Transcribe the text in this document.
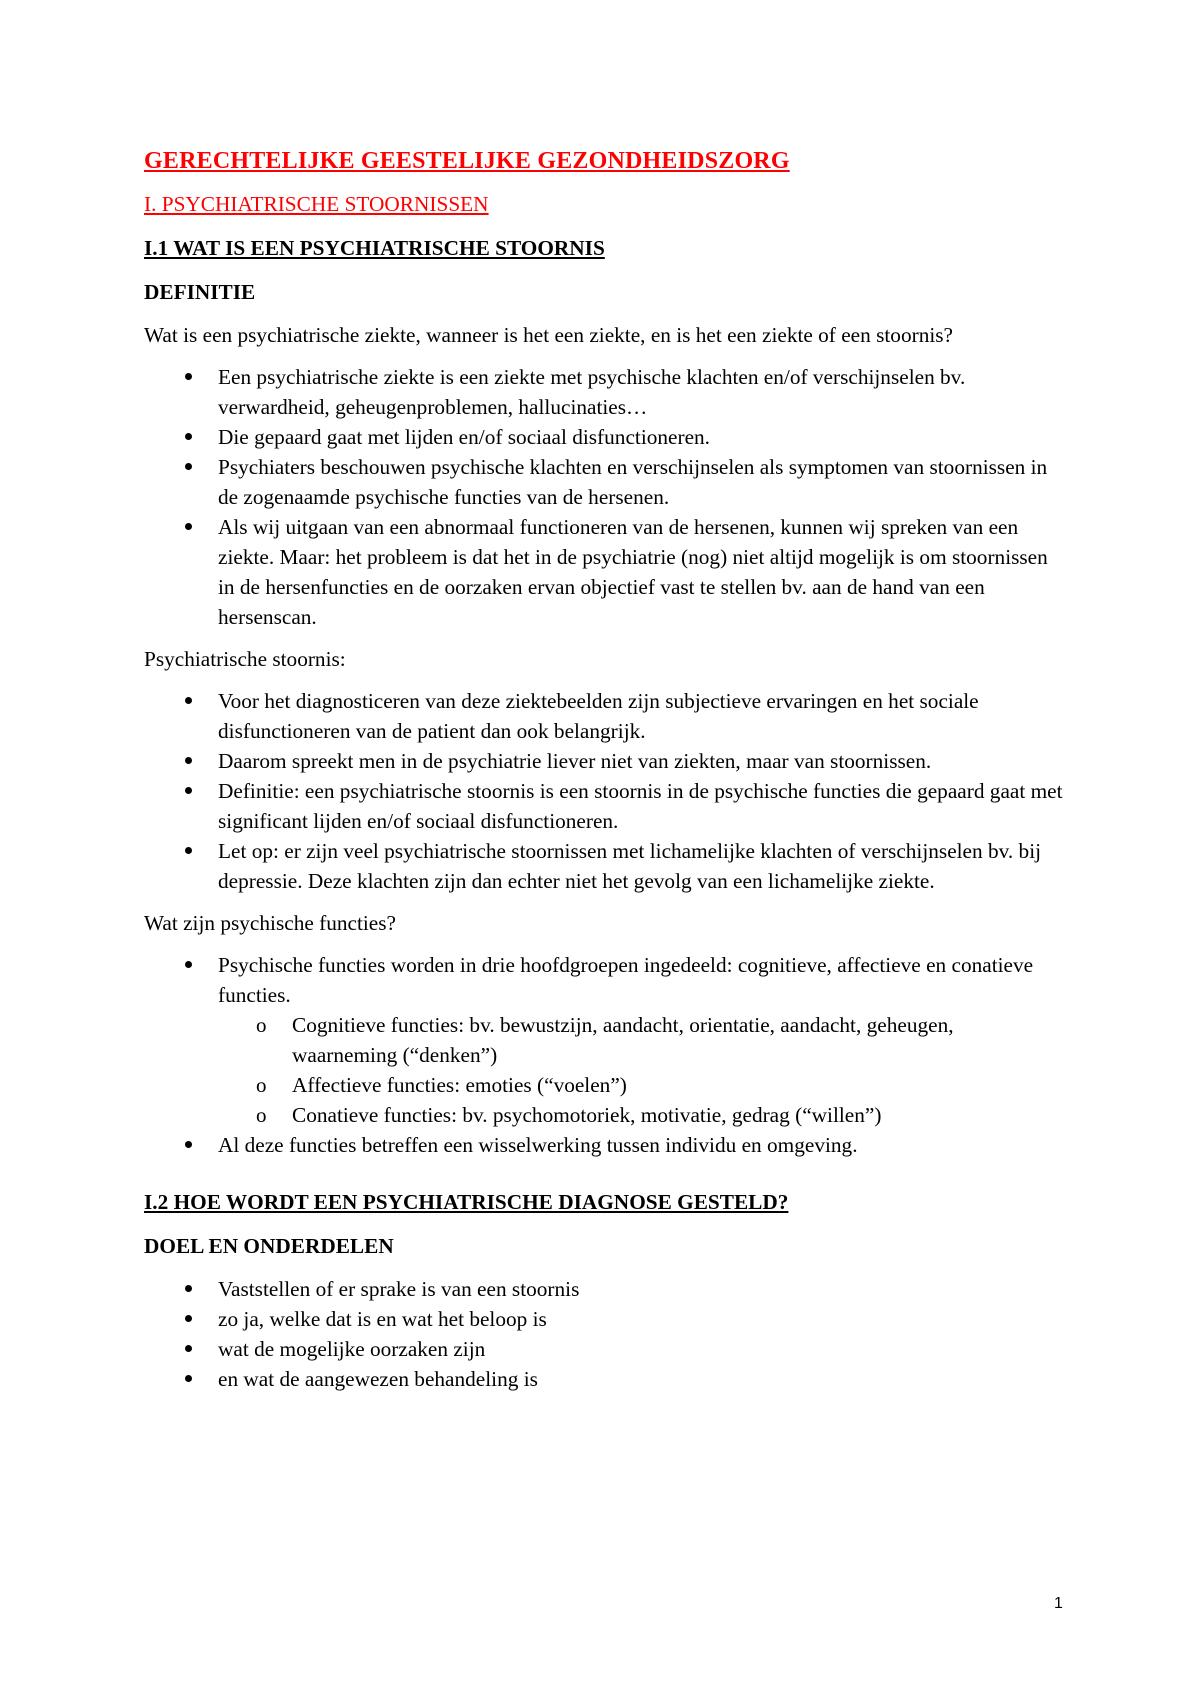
GERECHTELIJKE GEESTELIJKE GEZONDHEIDSZORG
I. PSYCHIATRISCHE STOORNISSEN
I.1 WAT IS EEN PSYCHIATRISCHE STOORNIS
DEFINITIE

Wat is een psychiatrische ziekte, wanneer is het een ziekte, en is het een ziekte of een stoornis?

Een psychiatrische ziekte is een ziekte met psychische klachten en/of verschijnselen bv. verwardheid, geheugenproblemen, hallucinaties…
Die gepaard gaat met lijden en/of sociaal disfunctioneren.
Psychiaters beschouwen psychische klachten en verschijnselen als symptomen van stoornissen in de zogenaamde psychische functies van de hersenen.
Als wij uitgaan van een abnormaal functioneren van de hersenen, kunnen wij spreken van een ziekte. Maar: het probleem is dat het in de psychiatrie (nog) niet altijd mogelijk is om stoornissen in de hersenfuncties en de oorzaken ervan objectief vast te stellen bv. aan de hand van een hersenscan.

Psychiatrische stoornis:

Voor het diagnosticeren van deze ziektebeelden zijn subjectieve ervaringen en het sociale disfunctioneren van de patient dan ook belangrijk.
Daarom spreekt men in de psychiatrie liever niet van ziekten, maar van stoornissen.
Definitie: een psychiatrische stoornis is een stoornis in de psychische functies die gepaard gaat met significant lijden en/of sociaal disfunctioneren.
Let op: er zijn veel psychiatrische stoornissen met lichamelijke klachten of verschijnselen bv. bij depressie. Deze klachten zijn dan echter niet het gevolg van een lichamelijke ziekte.

Wat zijn psychische functies?

Psychische functies worden in drie hoofdgroepen ingedeeld: cognitieve, affectieve en conatieve functies.
o Cognitieve functies: bv. bewustzijn, aandacht, orientatie, aandacht, geheugen, waarneming (“denken”)
o Affectieve functies: emoties (“voelen”)
o Conatieve functies: bv. psychomotoriek, motivatie, gedrag (“willen”)
Al deze functies betreffen een wisselwerking tussen individu en omgeving.
I.2 HOE WORDT EEN PSYCHIATRISCHE DIAGNOSE GESTELD?
DOEL EN ONDERDELEN
Vaststellen of er sprake is van een stoornis
zo ja, welke dat is en wat het beloop is
wat de mogelijke oorzaken zijn
en wat de aangewezen behandeling is
1
